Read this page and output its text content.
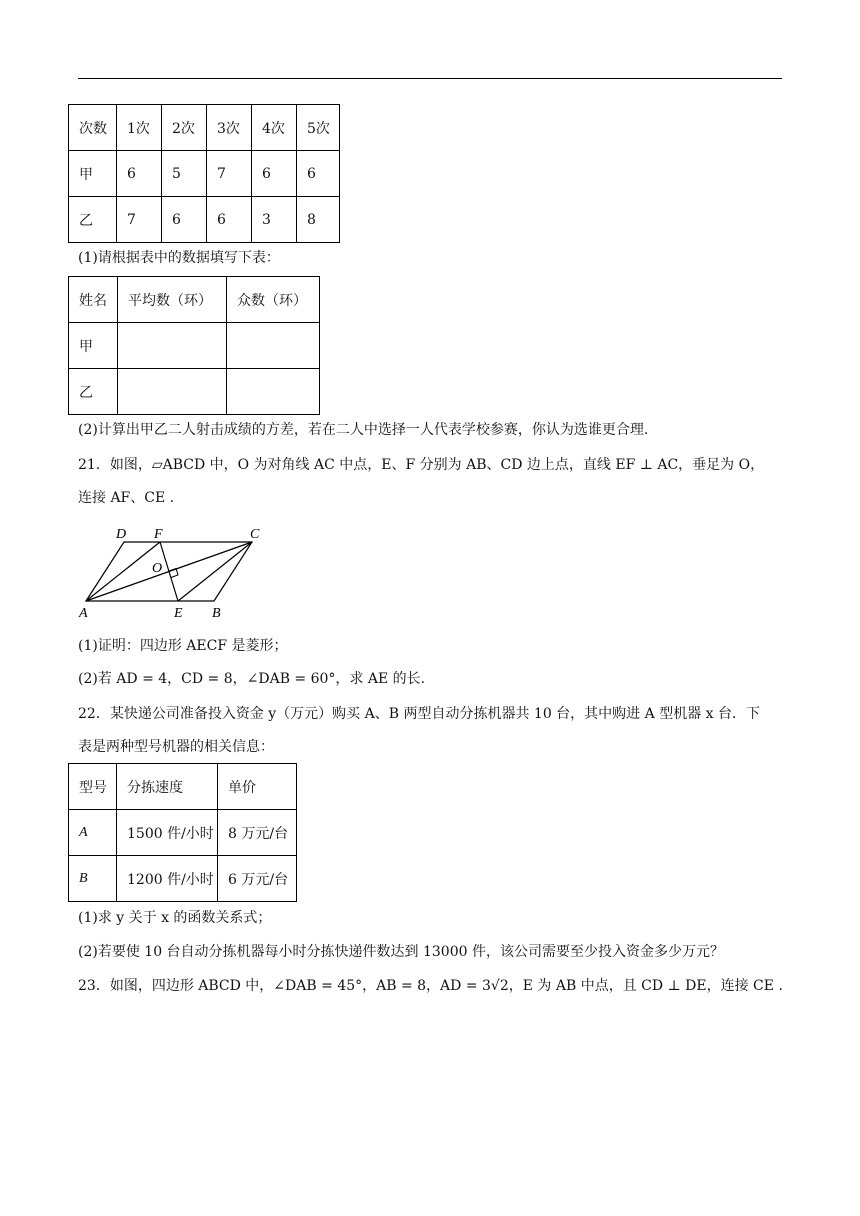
次数	1次	2次	3次	4次	5次
甲	6	5	7	6	6
乙	7	6	6	3	8
(1)请根据表中的数据填写下表：
姓名	平均数（环）	众数（环）
甲		
乙		
(2)计算出甲乙二人射击成绩的方差，若在二人中选择一人代表学校参赛，你认为选谁更合理.
21．如图，▱ABCD 中，O 为对角线 AC 中点，E、F 分别为 AB、CD 边上点，直线 EF ⊥ AC，垂足为 O，
连接 AF、CE .
D F	C
O
A	E B
(1)证明：四边形 AECF 是菱形；
(2)若 AD = 4，CD = 8，∠DAB = 60°，求 AE 的长.
22．某快递公司准备投入资金 y（万元）购买 A、B 两型自动分拣机器共 10 台，其中购进 A 型机器 x 台．下
表是两种型号机器的相关信息：
型号	分拣速度	单价
A	1500 件/小时	8 万元/台
B	1200 件/小时	6 万元/台
(1)求 y 关于 x 的函数关系式；
(2)若要使 10 台自动分拣机器每小时分拣快递件数达到 13000 件，该公司需要至少投入资金多少万元？
23．如图，四边形 ABCD 中，∠DAB = 45°，AB = 8，AD = 3√2，E 为 AB 中点，且 CD ⊥ DE，连接 CE .
